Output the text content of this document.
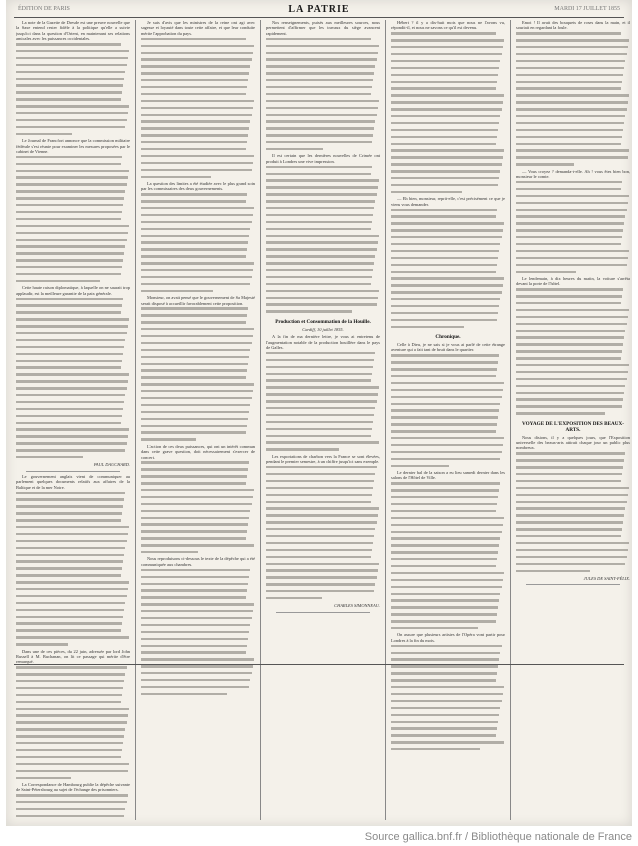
ÉDITION DE PARIS	LA PATRIE	MARDI 17 JUILLET 1855

La note de la Gazette de Dresde est une preuve nouvelle que la Saxe entend rester fidèle à la politique qu'elle a suivie jusqu'ici dans la question d'Orient, en maintenant ses relations amicales avec les puissances occidentales.

Le Journal de Francfort annonce que la commission militaire fédérale s'est réunie pour examiner les mesures proposées par le cabinet de Vienne.

Cette haute raison diplomatique, à laquelle on ne saurait trop applaudir, est la meilleure garantie de la paix générale.

PAUL DAUCHARD.

Le gouvernement anglais vient de communiquer au parlement quelques documents relatifs aux affaires de la Baltique et de la mer Noire.

Dans une de ces pièces, du 22 juin, adressée par lord John Russell à M. Buchanan, on lit ce passage qui mérite d'être remarqué.

La Correspondance de Hambourg publie la dépêche suivante de Saint-Pétersbourg au sujet de l'échange des prisonniers.

Je suis d'avis que les ministres de la reine ont agi avec sagesse et loyauté dans toute cette affaire, et que leur conduite mérite l'approbation du pays.

La question des limites a été étudiée avec le plus grand soin par les commissaires des deux gouvernements.

Monsieur, on avait pensé que le gouvernement de Sa Majesté serait disposé à accueillir favorablement cette proposition.

L'action de ces deux puissances, qui ont un intérêt commun dans cette grave question, doit nécessairement s'exercer de concert.

Nous reproduisons ci-dessous le texte de la dépêche qui a été communiquée aux chambres.

Nos renseignements, puisés aux meilleures sources, nous permettent d'affirmer que les travaux du siège avancent rapidement.

Il est certain que les dernières nouvelles de Crimée ont produit à Londres une vive impression.

Production et Consommation de la Houille.
Cardiff, 10 juillet 1855.

A la fin de ma dernière lettre, je vous ai entretenu de l'augmentation notable de la production houillère dans le pays de Galles.

Les exportations de charbon vers la France se sont élevées, pendant le premier semestre, à un chiffre jusqu'ici sans exemple.

CHARLES SIMONNEAU.

Hébert ? il y a dix-huit mois que nous ne l'avons vu, répondit-il, et nous ne savons ce qu'il est devenu.

— Eh bien, monsieur, reprit-elle, c'est précisément ce que je viens vous demander.

Chronique.

Celle à Dieu, je ne sais si je vous ai parlé de cette étrange aventure qui a fait tant de bruit dans le quartier.

Le dernier bal de la saison a eu lieu samedi dernier dans les salons de l'Hôtel de Ville.

On assure que plusieurs artistes de l'Opéra vont partir pour Londres à la fin du mois.

Emoi ! Il avait des bouquets de roses dans la main, et il souriait en regardant la foule.

— Vous croyez ? demanda-t-elle. Ah ! vous êtes bien bon, monsieur le comte.

Le lendemain, à dix heures du matin, la voiture s'arrêta devant la porte de l'hôtel.

VOYAGE DE L'EXPOSITION DES BEAUX-ARTS.

Nous disions, il y a quelques jours, que l'Exposition universelle des beaux-arts attirait chaque jour un public plus nombreux.

JULES DE SAINT-FÉLIX.
Source gallica.bnf.fr / Bibliothèque nationale de France
